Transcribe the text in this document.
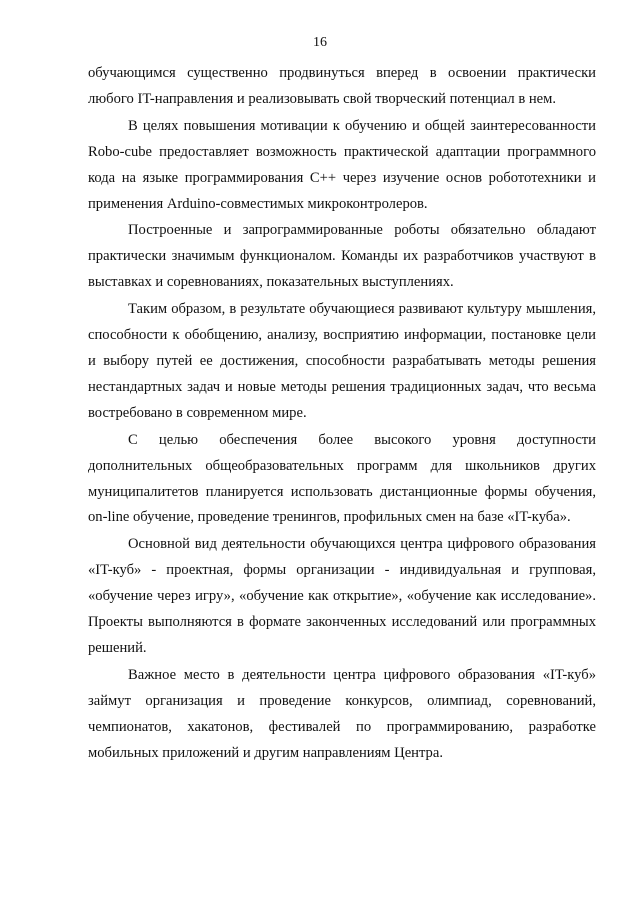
16

обучающимся существенно продвинуться вперед в освоении практически любого IT-направления и реализовывать свой творческий потенциал в нем.

В целях повышения мотивации к обучению и общей заинтересованности Robo-cube предоставляет возможность практической адаптации программного кода на языке программирования C++ через изучение основ робототехники и применения Arduino-совместимых микроконтролеров.

Построенные и запрограммированные роботы обязательно обладают практически значимым функционалом. Команды их разработчиков участвуют в выставках и соревнованиях, показательных выступлениях.

Таким образом, в результате обучающиеся развивают культуру мышления, способности к обобщению, анализу, восприятию информации, постановке цели и выбору путей ее достижения, способности разрабатывать методы решения нестандартных задач и новые методы решения традиционных задач, что весьма востребовано в современном мире.

С целью обеспечения более высокого уровня доступности дополнительных общеобразовательных программ для школьников других муниципалитетов планируется использовать дистанционные формы обучения, on-line обучение, проведение тренингов, профильных смен на базе «IT-куба».

Основной вид деятельности обучающихся центра цифрового образования «IT-куб» - проектная, формы организации - индивидуальная и групповая, «обучение через игру», «обучение как открытие», «обучение как исследование». Проекты выполняются в формате законченных исследований или программных решений.

Важное место в деятельности центра цифрового образования «IT-куб» займут организация и проведение конкурсов, олимпиад, соревнований, чемпионатов, хакатонов, фестивалей по программированию, разработке мобильных приложений и другим направлениям Центра.
